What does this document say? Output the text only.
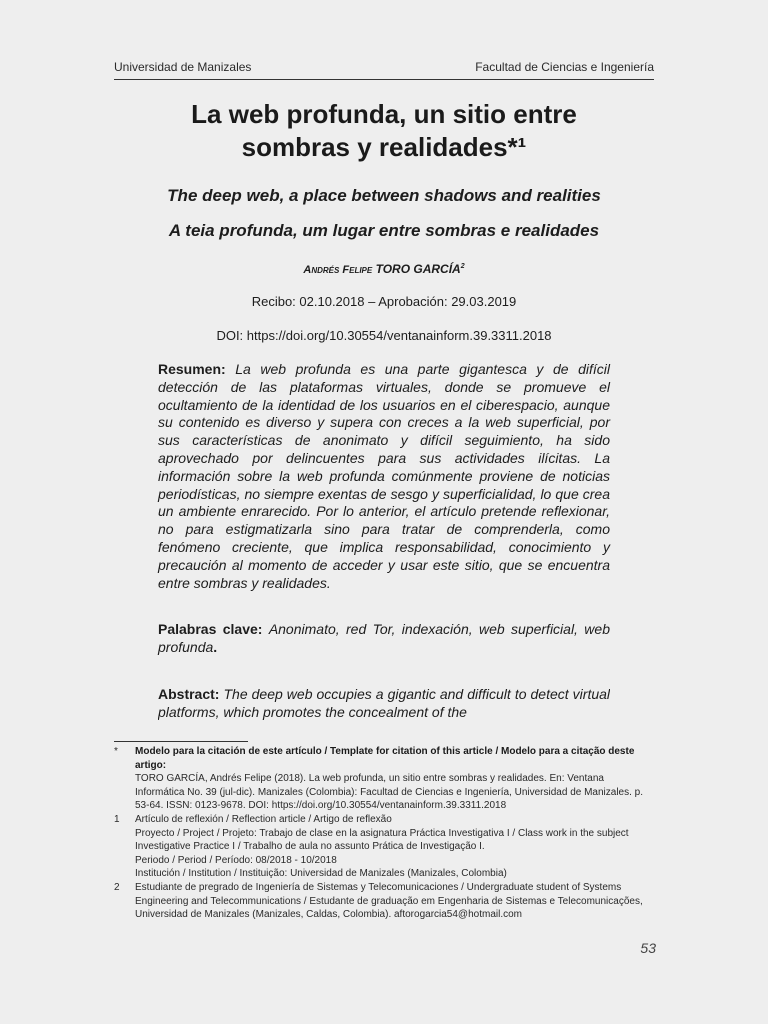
Universidad de Manizales	Facultad de Ciencias e Ingeniería
La web profunda, un sitio entre
sombras y realidades*¹

The deep web, a place between shadows and realities

A teia profunda, um lugar entre sombras e realidades

Andrés Felipe TORO GARCÍA$^2$

Recibo: 02.10.2018 – Aprobación: 29.03.2019

DOI: https://doi.org/10.30554/ventanainform.39.3311.2018

Resumen: La web profunda es una parte gigantesca y de difícil detección de las plataformas virtuales, donde se promueve el ocultamiento de la identidad de los usuarios en el ciberespacio, aunque su contenido es diverso y supera con creces a la web superficial, por sus características de anonimato y difícil seguimiento, ha sido aprovechado por delincuentes para sus actividades ilícitas. La información sobre la web profunda comúnmente proviene de noticias periodísticas, no siempre exentas de sesgo y superficialidad, lo que crea un ambiente enrarecido. Por lo anterior, el artículo pretende reflexionar, no para estigmatizarla sino para tratar de comprenderla, como fenómeno creciente, que implica responsabilidad, conocimiento y precaución al momento de acceder y usar este sitio, que se encuentra entre sombras y realidades.

Palabras clave: Anonimato, red Tor, indexación, web superficial, web profunda.

Abstract: The deep web occupies a gigantic and difficult to detect virtual platforms, which promotes the concealment of the

*	Modelo para la citación de este artículo / Template for citation of this article / Modelo para a citação deste artigo:

TORO GARCÍA, Andrés Felipe (2018). La web profunda, un sitio entre sombras y realidades. En: Ventana Informática No. 39 (jul-dic). Manizales (Colombia): Facultad de Ciencias e Ingeniería, Universidad de Manizales. p. 53-64. ISSN: 0123-9678. DOI: https://doi.org/10.30554/ventanainform.39.3311.2018

1	Artículo de reflexión / Reflection article / Artigo de reflexão

Proyecto / Project / Projeto: Trabajo de clase en la asignatura Práctica Investigativa I / Class work in the subject Investigative Practice I / Trabalho de aula no assunto Prática de Investigação I.

Periodo / Period / Período: 08/2018 - 10/2018

Institución / Institution / Instituição: Universidad de Manizales (Manizales, Colombia)

2	Estudiante de pregrado de Ingeniería de Sistemas y Telecomunicaciones / Undergraduate student of Systems Engineering and Telecommunications / Estudante de graduação em Engenharia de Sistemas e Telecomunicações, Universidad de Manizales (Manizales, Caldas, Colombia). aftorogarcia54@hotmail.com

53
